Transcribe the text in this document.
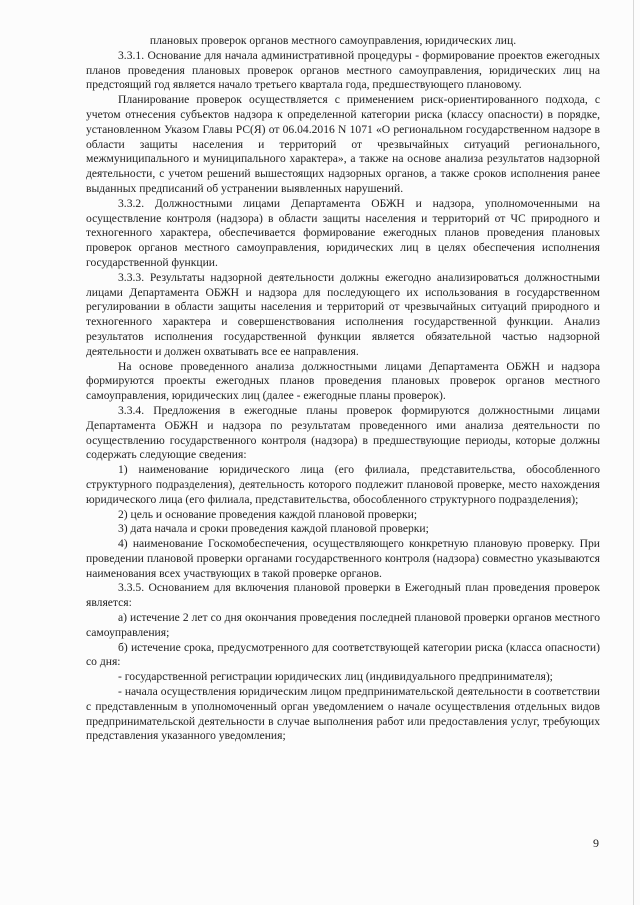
плановых проверок органов местного самоуправления, юридических лиц.

3.3.1. Основание для начала административной процедуры - формирование проектов ежегодных планов проведения плановых проверок органов местного самоуправления, юридических лиц на предстоящий год является начало третьего квартала года, предшествующего плановому.

Планирование проверок осуществляется с применением риск-ориентированного подхода, с учетом отнесения субъектов надзора к определенной категории риска (классу опасности) в порядке, установленном Указом Главы РС(Я) от 06.04.2016 N 1071 «О региональном государственном надзоре в области защиты населения и территорий от чрезвычайных ситуаций регионального, межмуниципального и муниципального характера», а также на основе анализа результатов надзорной деятельности, с учетом решений вышестоящих надзорных органов, а также сроков исполнения ранее выданных предписаний об устранении выявленных нарушений.

3.3.2. Должностными лицами Департамента ОБЖН и надзора, уполномоченными на осуществление контроля (надзора) в области защиты населения и территорий от ЧС природного и техногенного характера, обеспечивается формирование ежегодных планов проведения плановых проверок органов местного самоуправления, юридических лиц в целях обеспечения исполнения государственной функции.

3.3.3. Результаты надзорной деятельности должны ежегодно анализироваться должностными лицами Департамента ОБЖН и надзора для последующего их использования в государственном регулировании в области защиты населения и территорий от чрезвычайных ситуаций природного и техногенного характера и совершенствования исполнения государственной функции. Анализ результатов исполнения государственной функции является обязательной частью надзорной деятельности и должен охватывать все ее направления.

На основе проведенного анализа должностными лицами Департамента ОБЖН и надзора формируются проекты ежегодных планов проведения плановых проверок органов местного самоуправления, юридических лиц (далее - ежегодные планы проверок).

3.3.4. Предложения в ежегодные планы проверок формируются должностными лицами Департамента ОБЖН и надзора по результатам проведенного ими анализа деятельности по осуществлению государственного контроля (надзора) в предшествующие периоды, которые должны содержать следующие сведения:

1) наименование юридического лица (его филиала, представительства, обособленного структурного подразделения), деятельность которого подлежит плановой проверке, место нахождения юридического лица (его филиала, представительства, обособленного структурного подразделения);

2) цель и основание проведения каждой плановой проверки;

3) дата начала и сроки проведения каждой плановой проверки;

4) наименование Госкомобеспечения, осуществляющего конкретную плановую проверку. При проведении плановой проверки органами государственного контроля (надзора) совместно указываются наименования всех участвующих в такой проверке органов.

3.3.5. Основанием для включения плановой проверки в Ежегодный план проведения проверок является:

а) истечение 2 лет со дня окончания проведения последней плановой проверки органов местного самоуправления;

б) истечение срока, предусмотренного для соответствующей категории риска (класса опасности) со дня:

- государственной регистрации юридических лиц (индивидуального предпринимателя);

- начала осуществления юридическим лицом предпринимательской деятельности в соответствии с представленным в уполномоченный орган уведомлением о начале осуществления отдельных видов предпринимательской деятельности в случае выполнения работ или предоставления услуг, требующих представления указанного уведомления;

9
